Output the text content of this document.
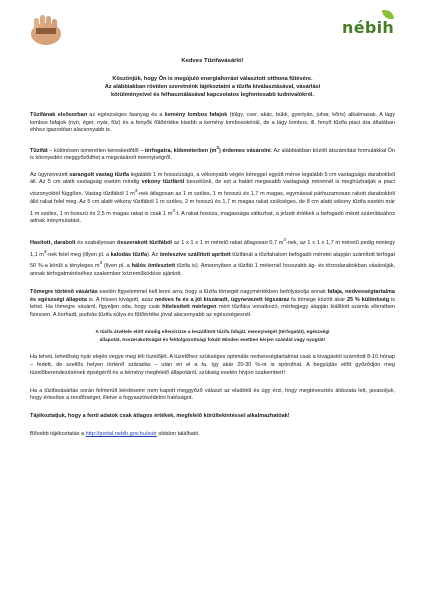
nébih
Kedves Tűzifavásárló!
Köszönjük, hogy Ön is megújuló energiaforrást választott otthona fűtésére.
Az alábbiakban röviden szeretnénk tájékoztatni a tűzifa kiválasztásával, vásárlási
körülményeivel és felhasználásával kapcsolatos legfontosabb tudnivalókról.

Tűzifának elsősorban az egészséges faanyag és a kemény lombos fafajok (tölgy, cser, akác, bükk, gyertyán, juhar, kőris) alkalmasak. A lágy lombos fafajok (nyír, éger, nyár, fűz) és a fenyők fűtőértéke kisebb a kemény lombosokénál, de a lágy lombos, ill. fenyő tűzifa piaci ára általában ehhez igazodóan alacsonyabb is.

Tűzifát – különösen ismeretlen kereskedőtől – térfogatra, köbméterben $(m^3)$ érdemes vásárolni. Az alábbiakban közölt átszámítási formulákkal Ön is könnyedén meggyőződhet a megvásárolt mennyiségről.

Az úgynevezett sarangolt vastag tűzifa legalább 1 m hosszúságú, a vékonyabb végén kéreggel együtt mérve legalább 5 cm vastagságú darabokból áll. Az 5 cm alatti vastagság esetén mindig vékony tűzifáról beszélünk, de ezt a határt megasabb vastagsági méretnél is meghúzhatják a piaci viszonyoktól függően. Vastag tűzifából 1 $m^3$-nek átlagosan az 1 m széles, 1 m hosszú és 1,7 m magas, egymással párhuzamosan rakott darabokból álló rakat felel meg. Az 5 cm alatti vékony tűzifából 1 m széles, 2 m hosszú és 1,7 m magas rakat szükséges, de 8 cm alatti vékony tűzifa esetén már 1 m széles, 1 m hosszú és 2,5 m magas rakat is csak 1 $m^3-t$. A rakat hossza, magassága változhat, a jelzett értékek a befogadó mérét számításához adnak iránymutatást.

Hasított, darabolt és szabályosan összerakott tűzifából az 1 x 1 x 1 m méretű rakat átlagosan 0,7 $m^3$-nek, az 1 x 1 x 1,7 m méretű pedig mintegy 1,1 $m^3$-nek felel meg (illyen pl. a kalodás tűzifa). Az ömlesztve szállított aprított tűzifánál a tűzifahalom befogadó méretei alapján számított térfogat 50 %-a körüli a tényleges $m^3$ (ilyen pl. a hálós ömlesztett tűzifa is). Amennyiben a tűzifát 1 méternél hosszabb ág- és törzsdarabokban vásárolják, annak térfogatméréséhez szakember közreműködése ajánlott.

Tömegre történő vásárlás esetén figyelemmel kell lenni arra, hogy a tűzifa tömegét nagymértékben befolyásolja annak fafaja, nedvességtartalma és egészségi állapota is. A frissen kivágott, azaz nedves fa és a jól kiszáradt, úgynevezett légszáraz fa tömege között akár 25 % különbség is lehet. Ha tömegre vásárol, figyeljen oda, hogy csak hitelesített mérlegen mért tűzifára vonatkozó, mérlegjegy alapján kiállított számla ellenében fizessen. A korhadt, pudvás tűzifa súlya és fűtőértéke jóval alacsonyabb az egészségesnél.

A tűzifa átvétele előtt mindig ellenőrizze a leszállított tűzifa fafaját, mennyiségét (térfogatát), egészségi
állapotát, összerakottságát és feldolgozottsági fokát! Minden esetben kérjen számlát vagy nyugtát!

Ha teheti, lehetőség nyár elején vegye meg téli tüzelőjét. A tüzelőhez szükséges optimális nedvességtartalmat csak a kivágástól számított 8-10 hónap – fedett, de szellős helyen történő száradás – után éri el a fa, így akár 20-30 %-ot is spórolhat. A begyújtás előtt győződjön meg tüzelőberendezésének épségéről és a kémény megfelelő állapotáról, szükség esetén hívjon szakembert!

Ha a tűzifavásárlás során felmerült kérdéseire nem kapott meggyőző választ az eladótól és úgy érzi, hogy megtévesztés áldozata lett, javasoljuk, hogy értesítse a rendőrséget, illetve a fogyasztóvédelmi hatóságot.

Tájékoztatjuk, hogy a fenti adatok csak átlagos értékek, megfelelő körültekintéssel alkalmazhatóak!

Bővebb tájékoztatás a http://portal.nebih.gov.hu/eutr oldalon található.
